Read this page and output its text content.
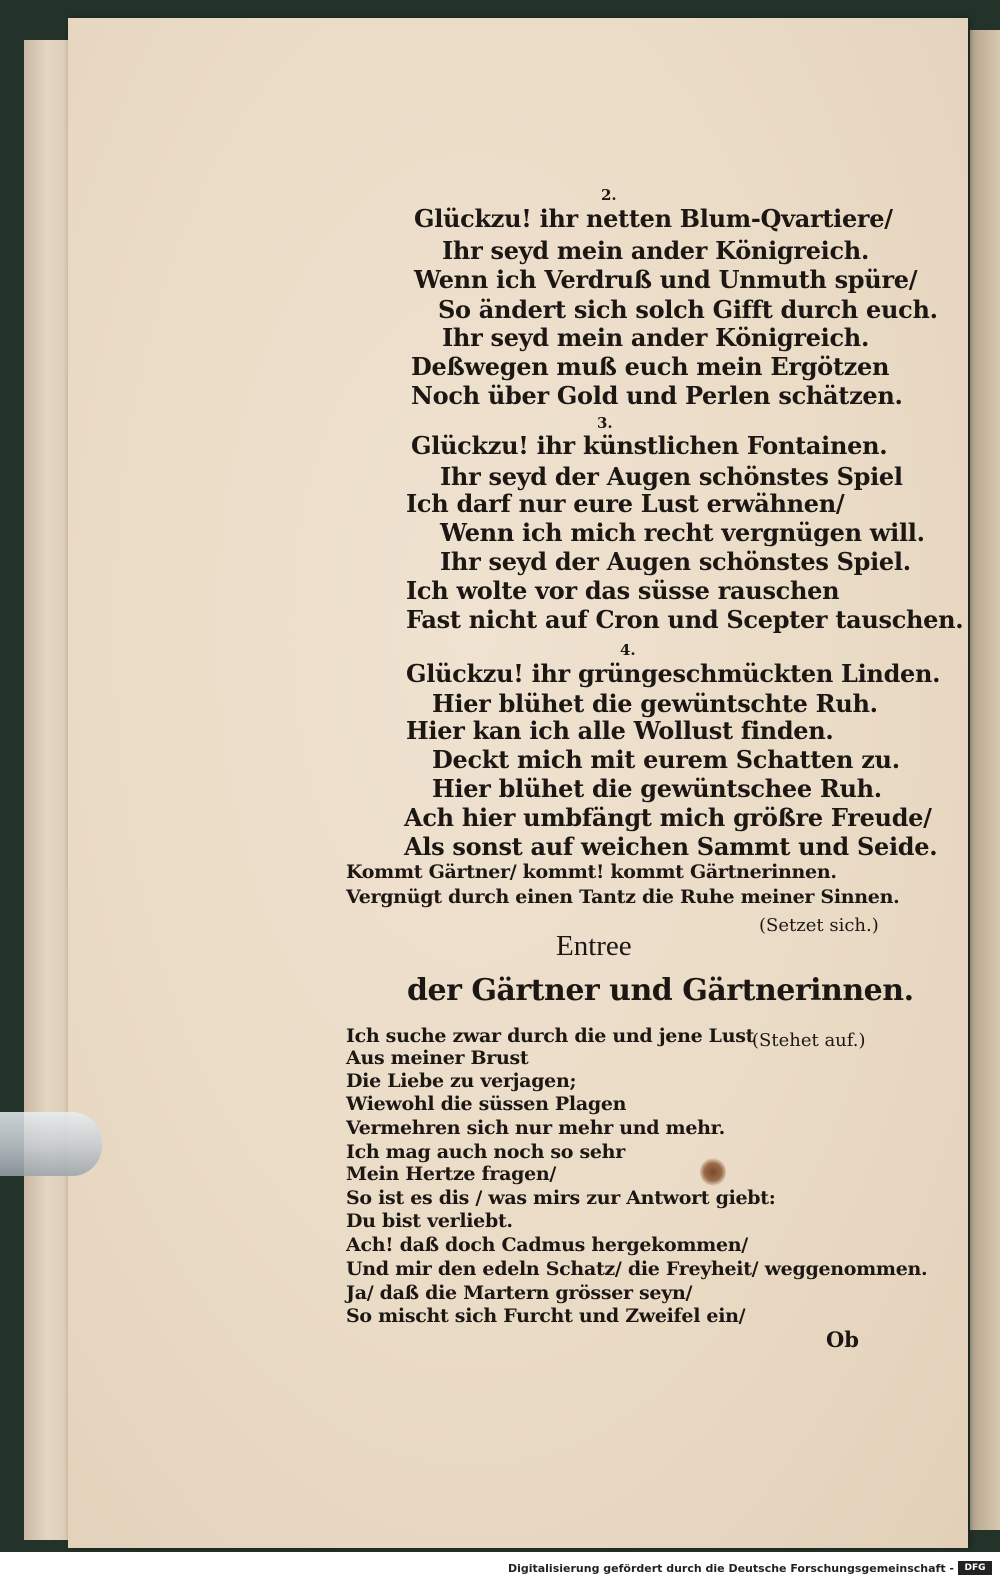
2.
Glückzu! ihr netten Blum-Qvartiere/
Ihr seyd mein ander Königreich.
Wenn ich Verdruß und Unmuth spüre/
So ändert sich solch Gifft durch euch.
Ihr seyd mein ander Königreich.
Deßwegen muß euch mein Ergötzen
Noch über Gold und Perlen schätzen.
3.
Glückzu! ihr künstlichen Fontainen.
Ihr seyd der Augen schönstes Spiel
Ich darf nur eure Lust erwähnen/
Wenn ich mich recht vergnügen will.
Ihr seyd der Augen schönstes Spiel.
Ich wolte vor das süsse rauschen
Fast nicht auf Cron und Scepter tauschen.
4.
Glückzu! ihr grüngeschmückten Linden.
Hier blühet die gewüntschte Ruh.
Hier kan ich alle Wollust finden.
Deckt mich mit eurem Schatten zu.
Hier blühet die gewüntschee Ruh.
Ach hier umbfängt mich größre Freude/
Als sonst auf weichen Sammt und Seide.
Kommt Gärtner/ kommt! kommt Gärtnerinnen.
Vergnügt durch einen Tantz die Ruhe meiner Sinnen.
(Setzet sich.)
Entree
der Gärtner und Gärtnerinnen.
(Stehet auf.)
Ich suche zwar durch die und jene Lust
Aus meiner Brust
Die Liebe zu verjagen;
Wiewohl die süssen Plagen
Vermehren sich nur mehr und mehr.
Ich mag auch noch so sehr
Mein Hertze fragen/
So ist es dis / was mirs zur Antwort giebt:
Du bist verliebt.
Ach! daß doch Cadmus hergekommen/
Und mir den edeln Schatz/ die Freyheit/ weggenommen.
Ja/ daß die Martern grösser seyn/
So mischt sich Furcht und Zweifel ein/
Ob
Digitalisierung gefördert durch die Deutsche Forschungsgemeinschaft -	DFG
